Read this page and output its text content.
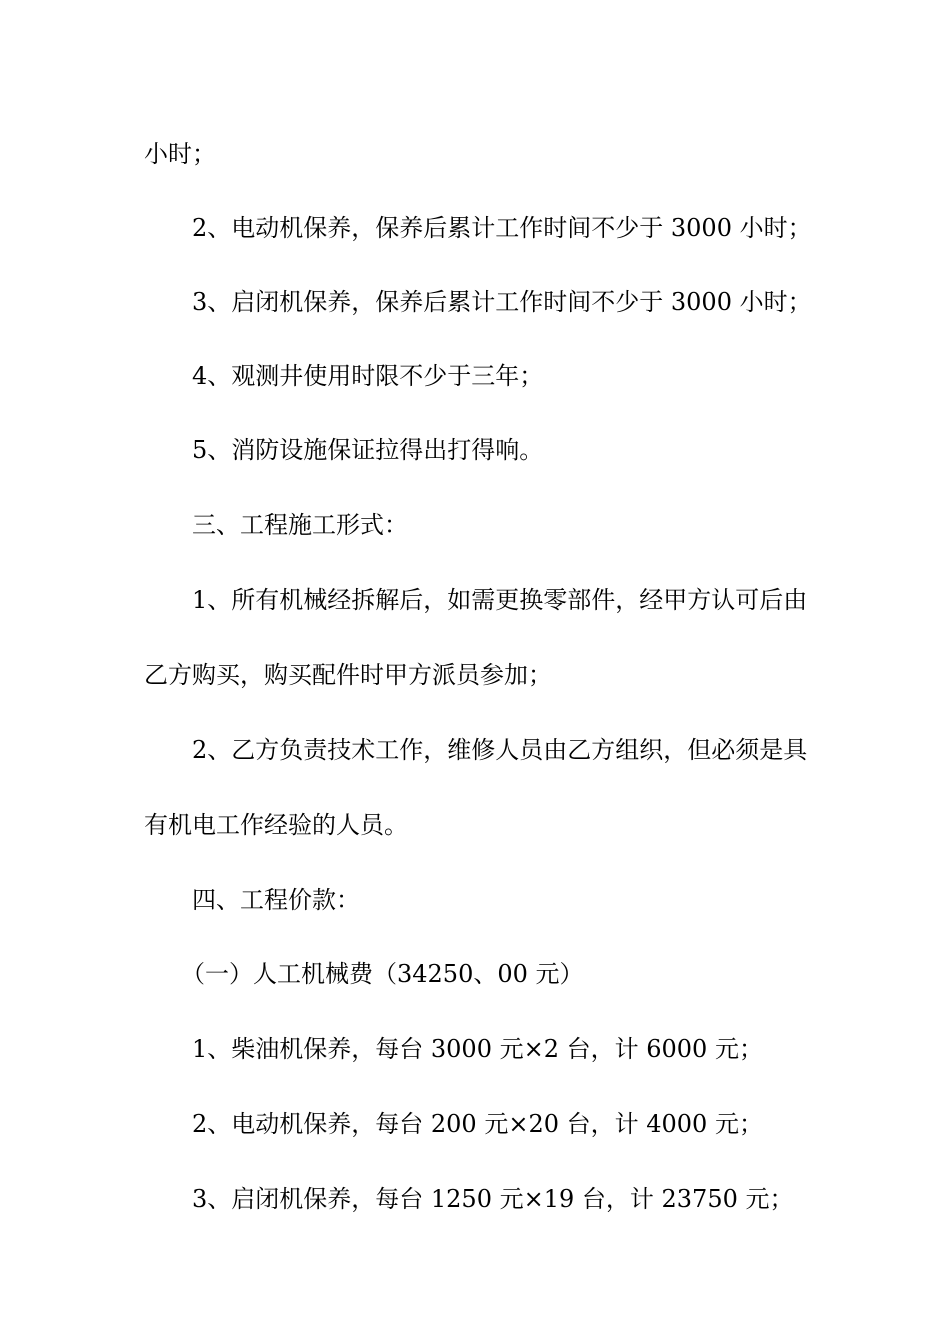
小时；
2、电动机保养，保养后累计工作时间不少于 3000 小时；
3、启闭机保养，保养后累计工作时间不少于 3000 小时；
4、观测井使用时限不少于三年；
5、消防设施保证拉得出打得响。
三、工程施工形式：
1、所有机械经拆解后，如需更换零部件，经甲方认可后由
乙方购买，购买配件时甲方派员参加；
2、乙方负责技术工作，维修人员由乙方组织，但必须是具
有机电工作经验的人员。
四、工程价款：
（一）人工机械费（34250、00 元）
1、柴油机保养，每台 3000 元×2 台，计 6000 元；
2、电动机保养，每台 200 元×20 台，计 4000 元；
3、启闭机保养，每台 1250 元×19 台，计 23750 元；
